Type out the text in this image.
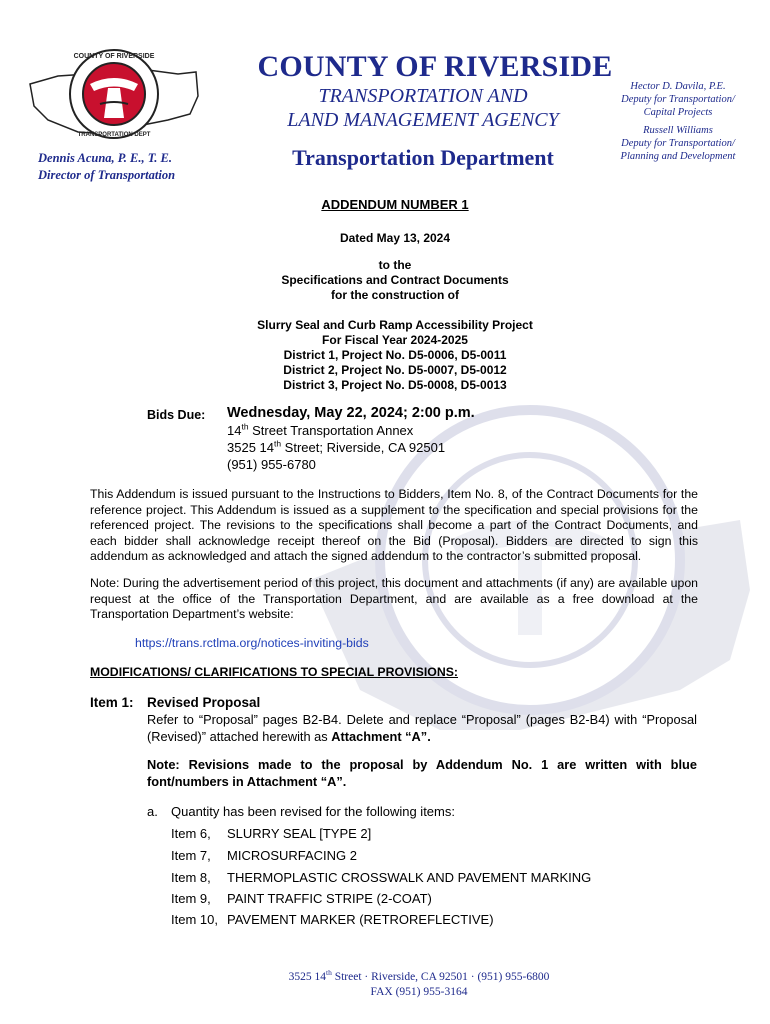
COUNTY OF RIVERSIDE
TRANSPORTATION DEPT
COUNTY OF RIVERSIDE
TRANSPORTATION AND
LAND MANAGEMENT AGENCY
Transportation Department
Dennis Acuna, P. E., T. E.
Director of Transportation
Hector D. Davila, P.E.
Deputy for Transportation/
Capital Projects
Russell Williams
Deputy for Transportation/
Planning and Development
ADDENDUM NUMBER 1
Dated May 13, 2024
to the
Specifications and Contract Documents
for the construction of
Slurry Seal and Curb Ramp Accessibility Project
For Fiscal Year 2024-2025
District 1, Project No. D5-0006, D5-0011
District 2, Project No. D5-0007, D5-0012
District 3, Project No. D5-0008, D5-0013
Bids Due: Wednesday, May 22, 2024; 2:00 p.m.
14th Street Transportation Annex
3525 14th Street; Riverside, CA 92501
(951) 955-6780
This Addendum is issued pursuant to the Instructions to Bidders, Item No. 8, of the Contract Documents for the reference project. This Addendum is issued as a supplement to the specification and special provisions for the referenced project. The revisions to the specifications shall become a part of the Contract Documents, and each bidder shall acknowledge receipt thereof on the Bid (Proposal). Bidders are directed to sign this addendum as acknowledged and attach the signed addendum to the contractor’s submitted proposal.
Note: During the advertisement period of this project, this document and attachments (if any) are available upon request at the office of the Transportation Department, and are available as a free download at the Transportation Department’s website:
https://trans.rctlma.org/notices-inviting-bids
MODIFICATIONS/ CLARIFICATIONS TO SPECIAL PROVISIONS:
Item 1: Revised Proposal
Refer to “Proposal” pages B2-B4. Delete and replace “Proposal” (pages B2-B4) with “Proposal (Revised)” attached herewith as Attachment “A”.
Note: Revisions made to the proposal by Addendum No. 1 are written with blue font/numbers in Attachment “A”.
a. Quantity has been revised for the following items:
Item 6, SLURRY SEAL [TYPE 2]
Item 7, MICROSURFACING 2
Item 8, THERMOPLASTIC CROSSWALK AND PAVEMENT MARKING
Item 9, PAINT TRAFFIC STRIPE (2-COAT)
Item 10, PAVEMENT MARKER (RETROREFLECTIVE)
3525 14th Street · Riverside, CA 92501 · (951) 955-6800
FAX (951) 955-3164
